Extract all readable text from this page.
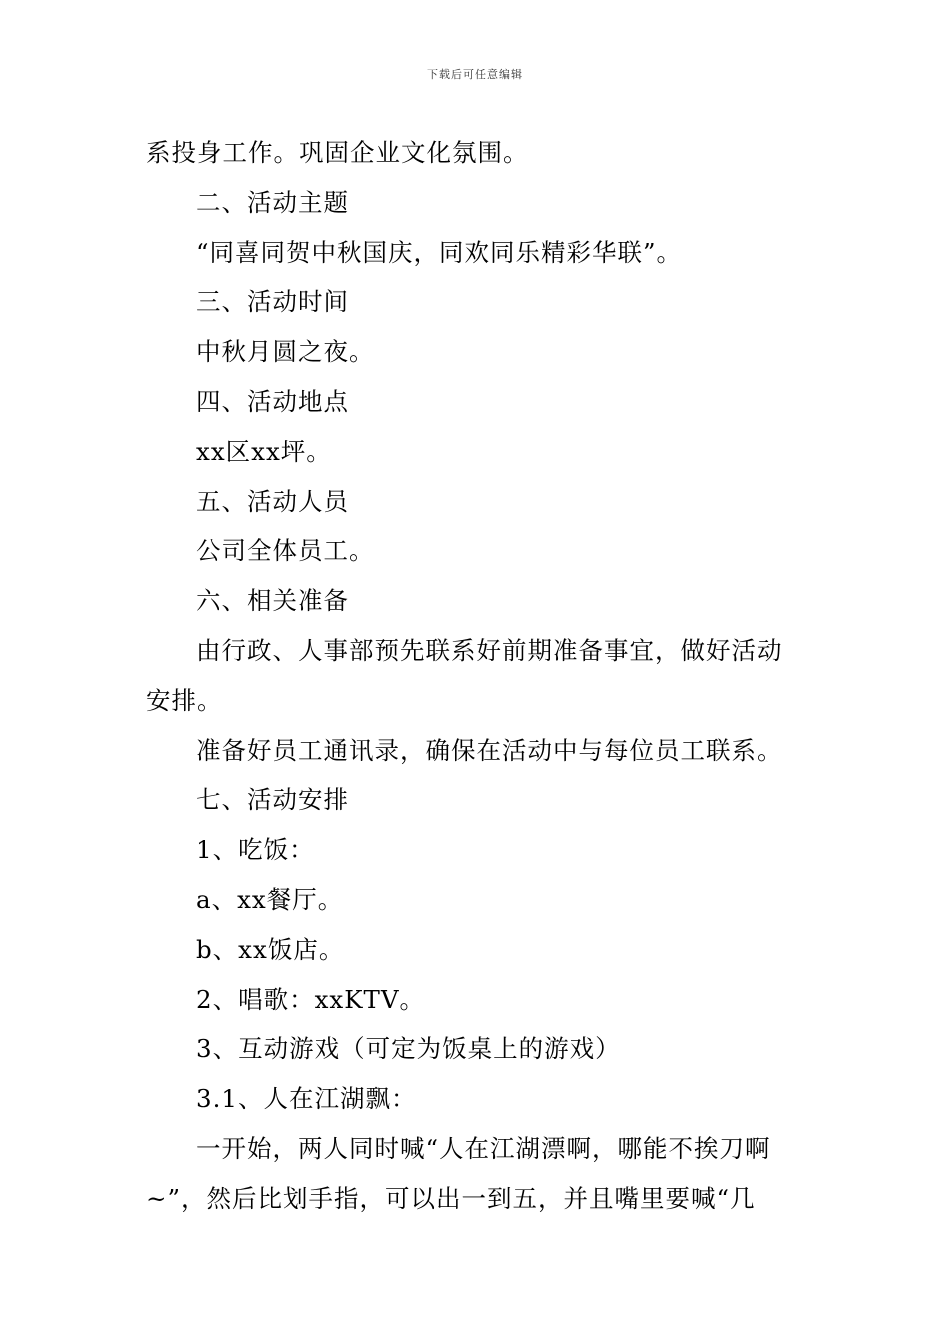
下载后可任意编辑

系投身工作。巩固企业文化氛围。

二、活动主题

“同喜同贺中秋国庆，同欢同乐精彩华联”。

三、活动时间

中秋月圆之夜。

四、活动地点

xx区xx坪。

五、活动人员

公司全体员工。

六、相关准备

由行政、人事部预先联系好前期准备事宜，做好活动

安排。

准备好员工通讯录，确保在活动中与每位员工联系。

七、活动安排

1、吃饭：

a、xx餐厅。

b、xx饭店。

2、唱歌：xxKTV。

3、互动游戏（可定为饭桌上的游戏）

3.1、人在江湖飘：

一开始，两人同时喊“人在江湖漂啊，哪能不挨刀啊

~”，然后比划手指，可以出一到五，并且嘴里要喊“几
